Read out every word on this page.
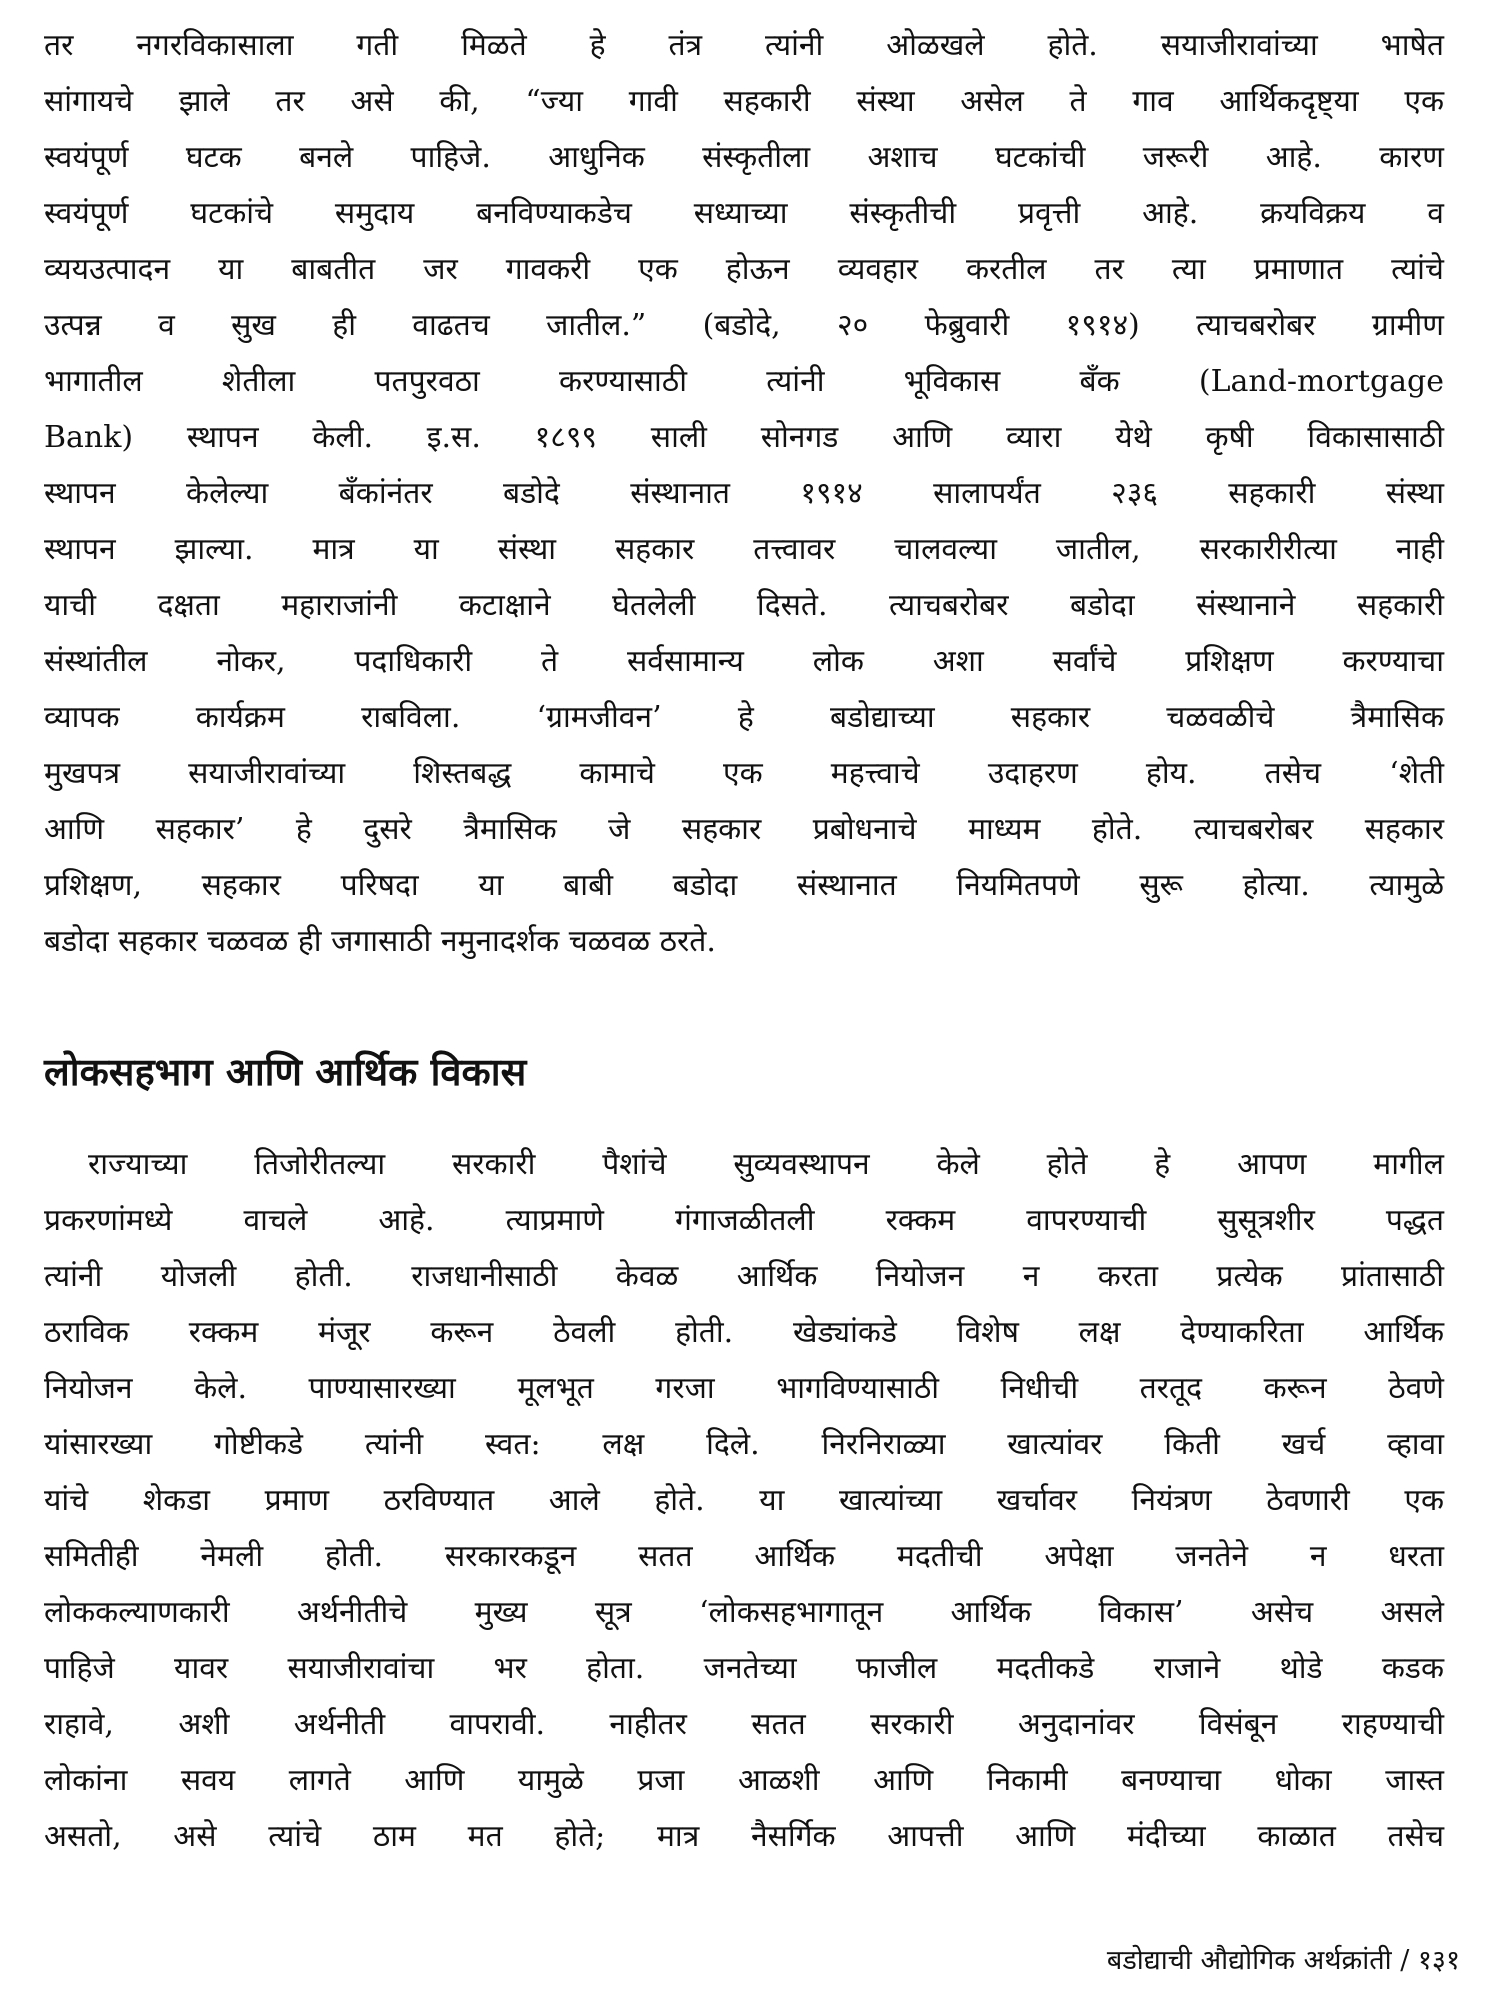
तर नगरविकासाला गती मिळते हे तंत्र त्यांनी ओळखले होते. सयाजीरावांच्या भाषेत
सांगायचे झाले तर असे की, “ज्या गावी सहकारी संस्था असेल ते गाव आर्थिकदृष्ट्या एक
स्वयंपूर्ण घटक बनले पाहिजे. आधुनिक संस्कृतीला अशाच घटकांची जरूरी आहे. कारण
स्वयंपूर्ण घटकांचे समुदाय बनविण्याकडेच सध्याच्या संस्कृतीची प्रवृत्ती आहे. क्रयविक्रय व
व्ययउत्पादन या बाबतीत जर गावकरी एक होऊन व्यवहार करतील तर त्या प्रमाणात त्यांचे
उत्पन्न व सुख ही वाढतच जातील.” (बडोदे, २० फेब्रुवारी १९१४) त्याचबरोबर ग्रामीण
भागातील शेतीला पतपुरवठा करण्यासाठी त्यांनी भूविकास बँक (Land-mortgage
Bank) स्थापन केली. इ.स. १८९९ साली सोनगड आणि व्यारा येथे कृषी विकासासाठी
स्थापन केलेल्या बँकांनंतर बडोदे संस्थानात १९१४ सालापर्यंत २३६ सहकारी संस्था
स्थापन झाल्या. मात्र या संस्था सहकार तत्त्वावर चालवल्या जातील, सरकारीरीत्या नाही
याची दक्षता महाराजांनी कटाक्षाने घेतलेली दिसते. त्याचबरोबर बडोदा संस्थानाने सहकारी
संस्थांतील नोकर, पदाधिकारी ते सर्वसामान्य लोक अशा सर्वांचे प्रशिक्षण करण्याचा
व्यापक कार्यक्रम राबविला. ‘ग्रामजीवन’ हे बडोद्याच्या सहकार चळवळीचे त्रैमासिक
मुखपत्र सयाजीरावांच्या शिस्तबद्ध कामाचे एक महत्त्वाचे उदाहरण होय. तसेच ‘शेती
आणि सहकार’ हे दुसरे त्रैमासिक जे सहकार प्रबोधनाचे माध्यम होते. त्याचबरोबर सहकार
प्रशिक्षण, सहकार परिषदा या बाबी बडोदा संस्थानात नियमितपणे सुरू होत्या. त्यामुळे
बडोदा सहकार चळवळ ही जगासाठी नमुनादर्शक चळवळ ठरते.
लोकसहभाग आणि आर्थिक विकास
राज्याच्या तिजोरीतल्या सरकारी पैशांचे सुव्यवस्थापन केले होते हे आपण मागील
प्रकरणांमध्ये वाचले आहे. त्याप्रमाणे गंगाजळीतली रक्कम वापरण्याची सुसूत्रशीर पद्धत
त्यांनी योजली होती. राजधानीसाठी केवळ आर्थिक नियोजन न करता प्रत्येक प्रांतासाठी
ठराविक रक्कम मंजूर करून ठेवली होती. खेड्यांकडे विशेष लक्ष देण्याकरिता आर्थिक
नियोजन केले. पाण्यासारख्या मूलभूत गरजा भागविण्यासाठी निधीची तरतूद करून ठेवणे
यांसारख्या गोष्टीकडे त्यांनी स्वत: लक्ष दिले. निरनिराळ्या खात्यांवर किती खर्च व्हावा
यांचे शेकडा प्रमाण ठरविण्यात आले होते. या खात्यांच्या खर्चावर नियंत्रण ठेवणारी एक
समितीही नेमली होती. सरकारकडून सतत आर्थिक मदतीची अपेक्षा जनतेने न धरता
लोककल्याणकारी अर्थनीतीचे मुख्य सूत्र ‘लोकसहभागातून आर्थिक विकास’ असेच असले
पाहिजे यावर सयाजीरावांचा भर होता. जनतेच्या फाजील मदतीकडे राजाने थोडे कडक
राहावे, अशी अर्थनीती वापरावी. नाहीतर सतत सरकारी अनुदानांवर विसंबून राहण्याची
लोकांना सवय लागते आणि यामुळे प्रजा आळशी आणि निकामी बनण्याचा धोका जास्त
असतो, असे त्यांचे ठाम मत होते; मात्र नैसर्गिक आपत्ती आणि मंदीच्या काळात तसेच
बडोद्याची औद्योगिक अर्थक्रांती / १३१
